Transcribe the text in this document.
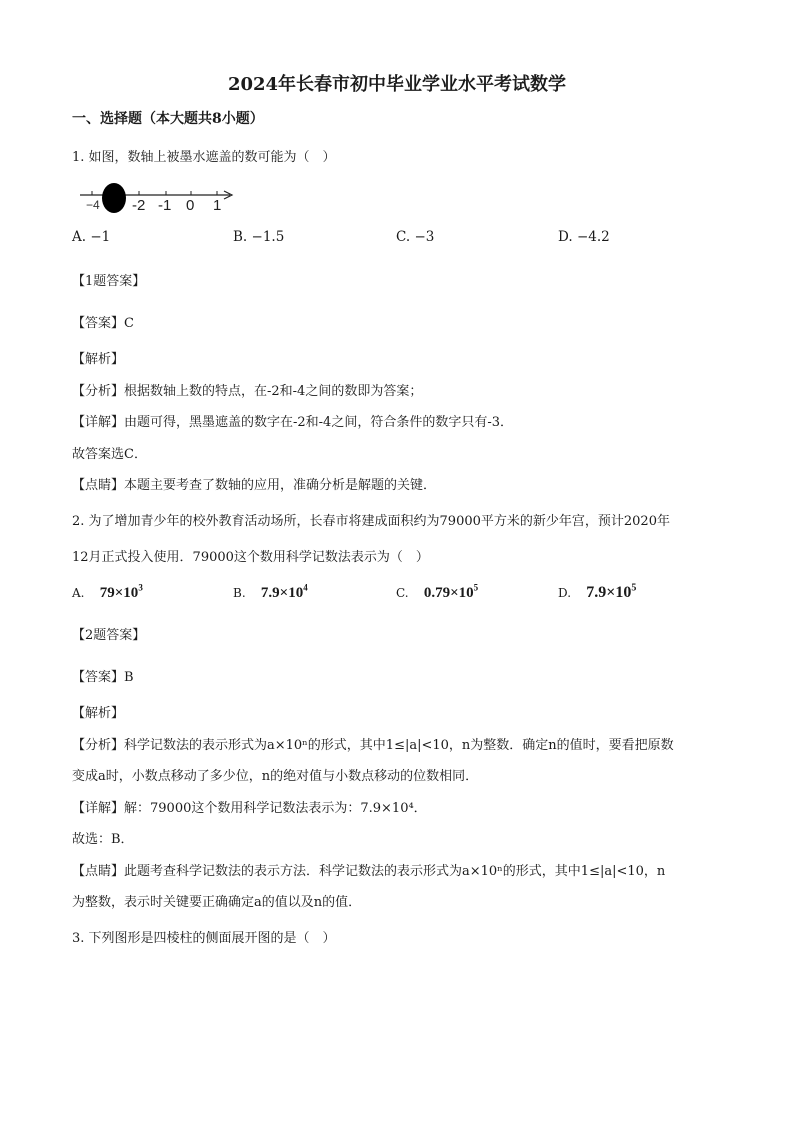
2024年长春市初中毕业学业水平考试数学
一、选择题（本大题共8小题）
1. 如图，数轴上被墨水遮盖的数可能为（　）
−4 -2 -1 0 1
A. −1	B. −1.5	C. −3	D. −4.2
【1题答案】
【答案】C
【解析】
【分析】根据数轴上数的特点，在-2和-4之间的数即为答案；
【详解】由题可得，黑墨遮盖的数字在-2和-4之间，符合条件的数字只有-3．
故答案选C．
【点睛】本题主要考查了数轴的应用，准确分析是解题的关键．
2. 为了增加青少年的校外教育活动场所，长春市将建成面积约为79000平方米的新少年宫，预计2020年
12月正式投入使用．79000这个数用科学记数法表示为（　）
A. $79\times 10^3$	B. $7.9\times 10^4$	C. $0.79\times 10^5$	D. $7.9\times 10^5$
【2题答案】
【答案】B
【解析】
【分析】科学记数法的表示形式为a×10ⁿ的形式，其中1≤|a|<10，n为整数．确定n的值时，要看把原数
变成a时，小数点移动了多少位，n的绝对值与小数点移动的位数相同．
【详解】解：79000这个数用科学记数法表示为：7.9×10⁴．
故选：B．
【点睛】此题考查科学记数法的表示方法．科学记数法的表示形式为a×10ⁿ的形式，其中1≤|a|<10，n
为整数，表示时关键要正确确定a的值以及n的值．
3. 下列图形是四棱柱的侧面展开图的是（　）
